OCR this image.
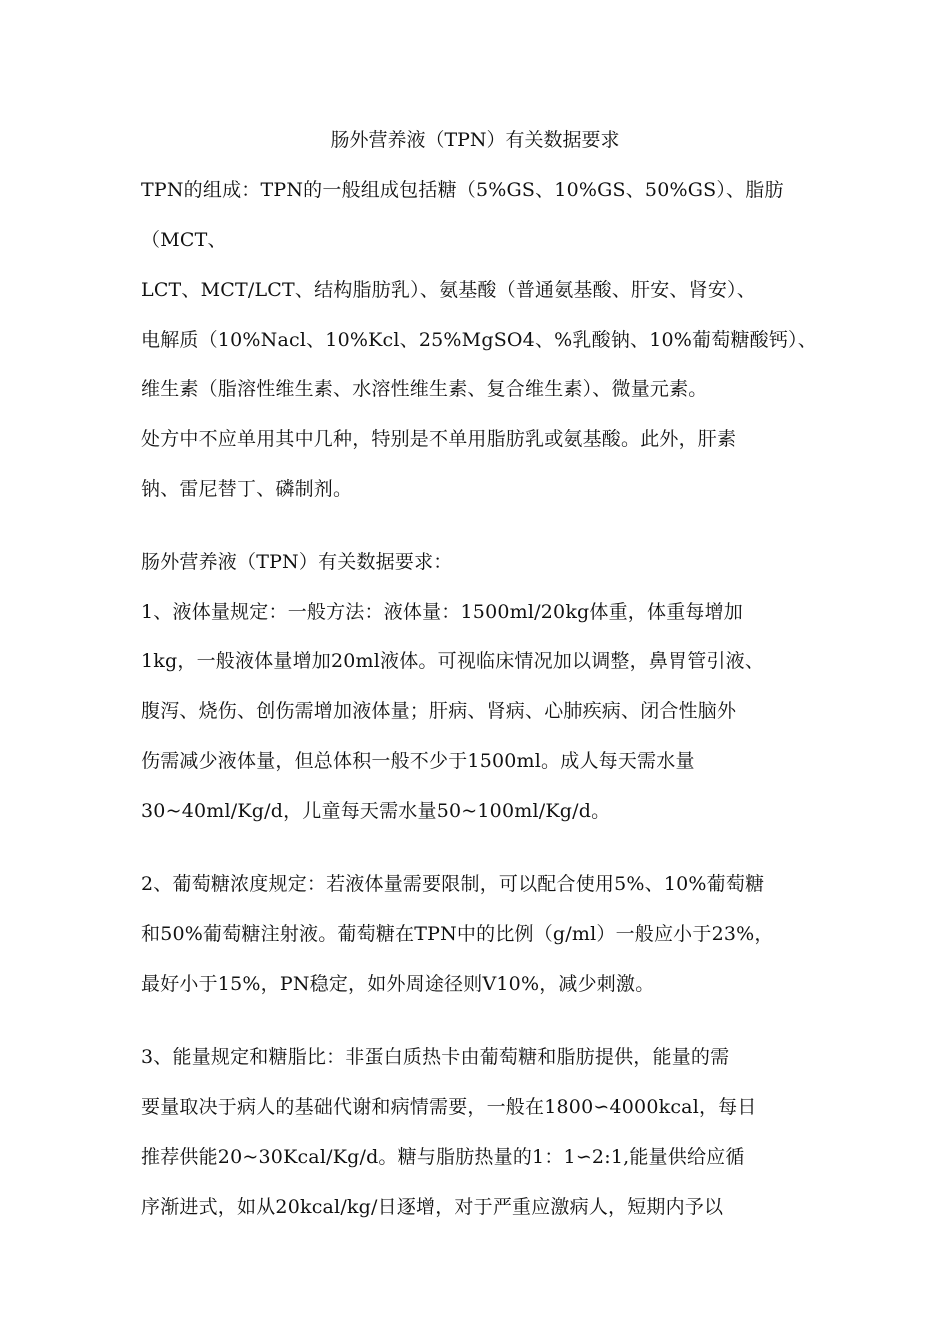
肠外营养液（TPN）有关数据要求
TPN的组成：TPN的一般组成包括糖（5%GS、10%GS、50%GS）、脂肪
（MCT、
LCT、MCT/LCT、结构脂肪乳）、氨基酸（普通氨基酸、肝安、肾安）、
电解质（10%Nacl、10%Kcl、25%MgSO4、%乳酸钠、10%葡萄糖酸钙）、
维生素（脂溶性维生素、水溶性维生素、复合维生素）、微量元素。
处方中不应单用其中几种，特别是不单用脂肪乳或氨基酸。此外，肝素
钠、雷尼替丁、磷制剂。
肠外营养液（TPN）有关数据要求：
1、液体量规定：一般方法：液体量：1500ml/20kg体重，体重每增加
1kg，一般液体量增加20ml液体。可视临床情况加以调整，鼻胃管引液、
腹泻、烧伤、创伤需增加液体量；肝病、肾病、心肺疾病、闭合性脑外
伤需减少液体量，但总体积一般不少于1500ml。成人每天需水量
30~40ml/Kg/d，儿童每天需水量50~100ml/Kg/d。
2、葡萄糖浓度规定：若液体量需要限制，可以配合使用5%、10%葡萄糖
和50%葡萄糖注射液。葡萄糖在TPN中的比例（g/ml）一般应小于23%，
最好小于15%，PN稳定，如外周途径则V10%，减少刺激。
3、能量规定和糖脂比：非蛋白质热卡由葡萄糖和脂肪提供，能量的需
要量取决于病人的基础代谢和病情需要，一般在1800∽4000kcal，每日
推荐供能20~30Kcal/Kg/d。糖与脂肪热量的1：1∽2:1,能量供给应循
序渐进式，如从20kcal/kg/日逐增，对于严重应激病人，短期内予以
